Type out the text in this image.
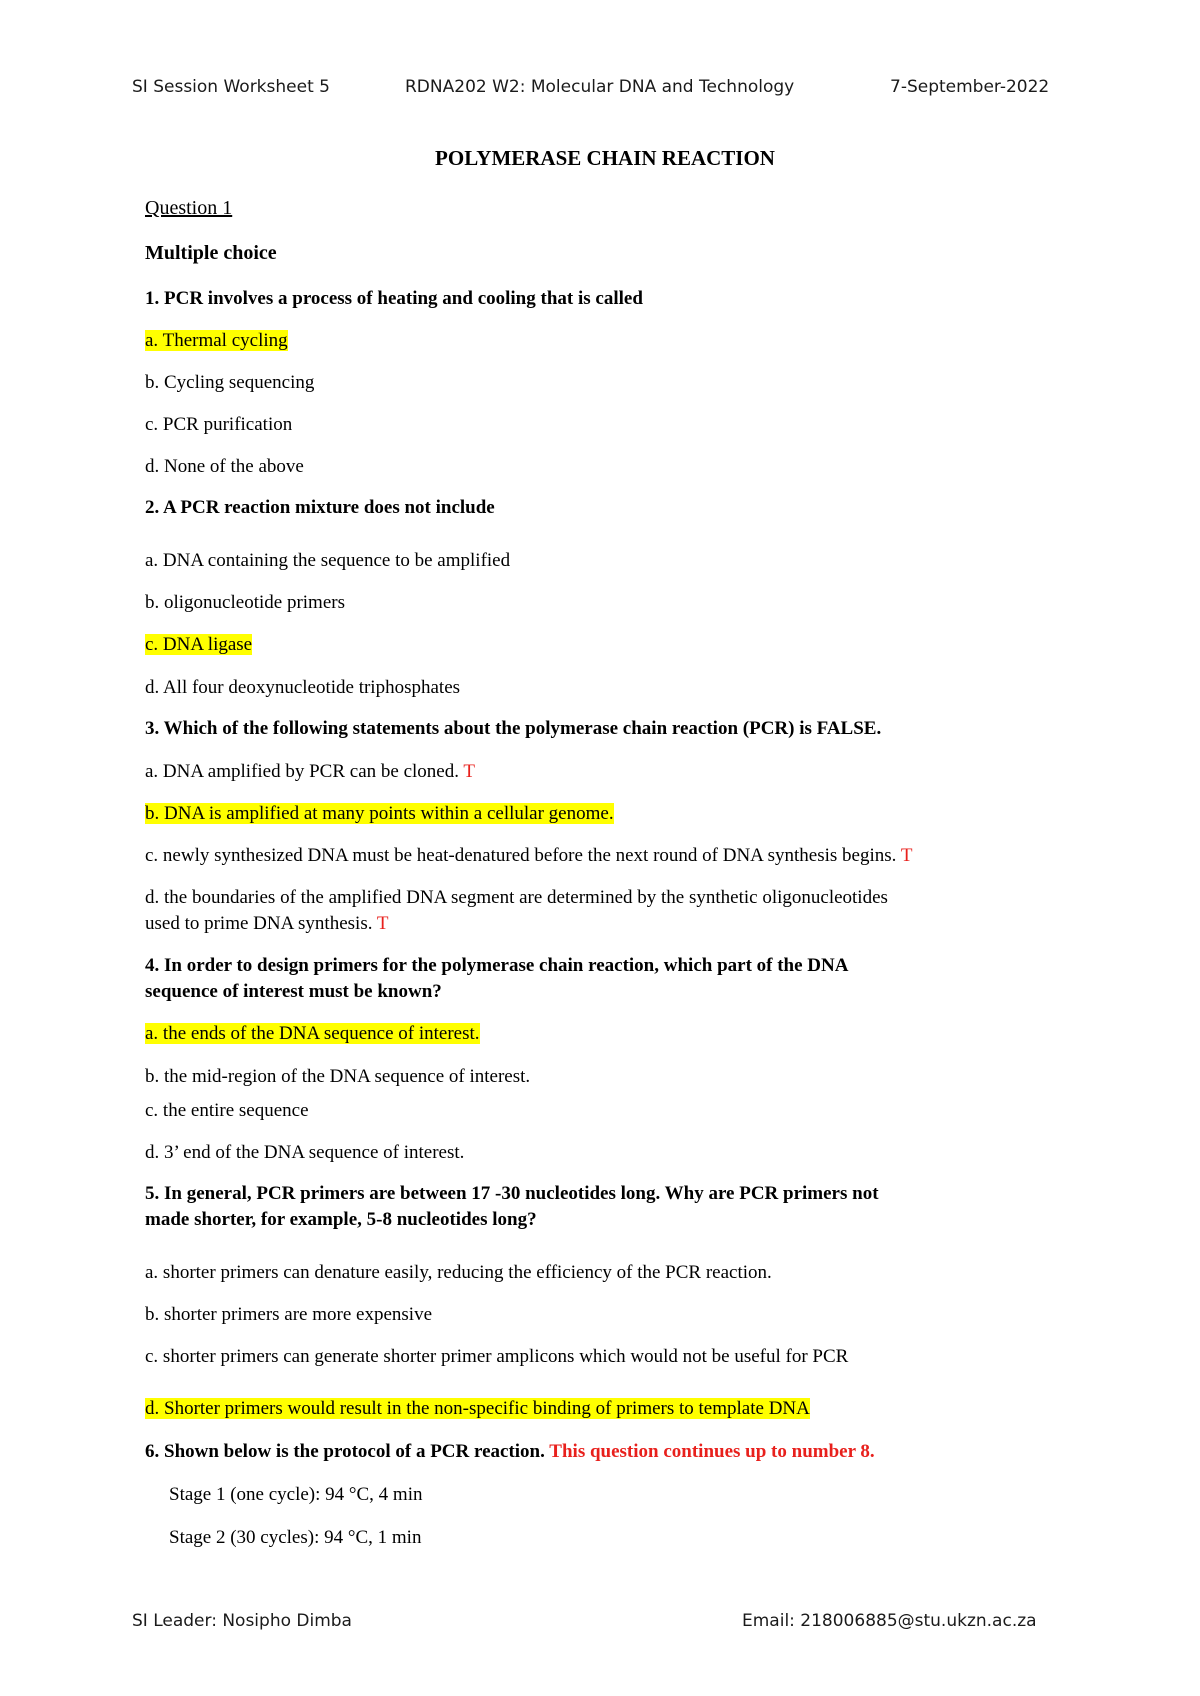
SI Session Worksheet 5	RDNA202 W2: Molecular DNA and Technology	7-September-2022
POLYMERASE CHAIN REACTION
Question 1
Multiple choice
1. PCR involves a process of heating and cooling that is called
a. Thermal cycling
b. Cycling sequencing
c. PCR purification
d. None of the above
2. A PCR reaction mixture does not include
a. DNA containing the sequence to be amplified
b. oligonucleotide primers
c. DNA ligase
d. All four deoxynucleotide triphosphates
3. Which of the following statements about the polymerase chain reaction (PCR) is FALSE.
a. DNA amplified by PCR can be cloned. T
b. DNA is amplified at many points within a cellular genome.
c. newly synthesized DNA must be heat-denatured before the next round of DNA synthesis begins. T
d. the boundaries of the amplified DNA segment are determined by the synthetic oligonucleotides
used to prime DNA synthesis. T
4. In order to design primers for the polymerase chain reaction, which part of the DNA
sequence of interest must be known?
a. the ends of the DNA sequence of interest.
b. the mid-region of the DNA sequence of interest.
c. the entire sequence
d. 3’ end of the DNA sequence of interest.
5. In general, PCR primers are between 17 -30 nucleotides long. Why are PCR primers not
made shorter, for example, 5-8 nucleotides long?
a. shorter primers can denature easily, reducing the efficiency of the PCR reaction.
b. shorter primers are more expensive
c. shorter primers can generate shorter primer amplicons which would not be useful for PCR
d. Shorter primers would result in the non-specific binding of primers to template DNA
6. Shown below is the protocol of a PCR reaction. This question continues up to number 8.
Stage 1 (one cycle): 94 °C, 4 min
Stage 2 (30 cycles): 94 °C, 1 min
SI Leader: Nosipho Dimba	Email: 218006885@stu.ukzn.ac.za
